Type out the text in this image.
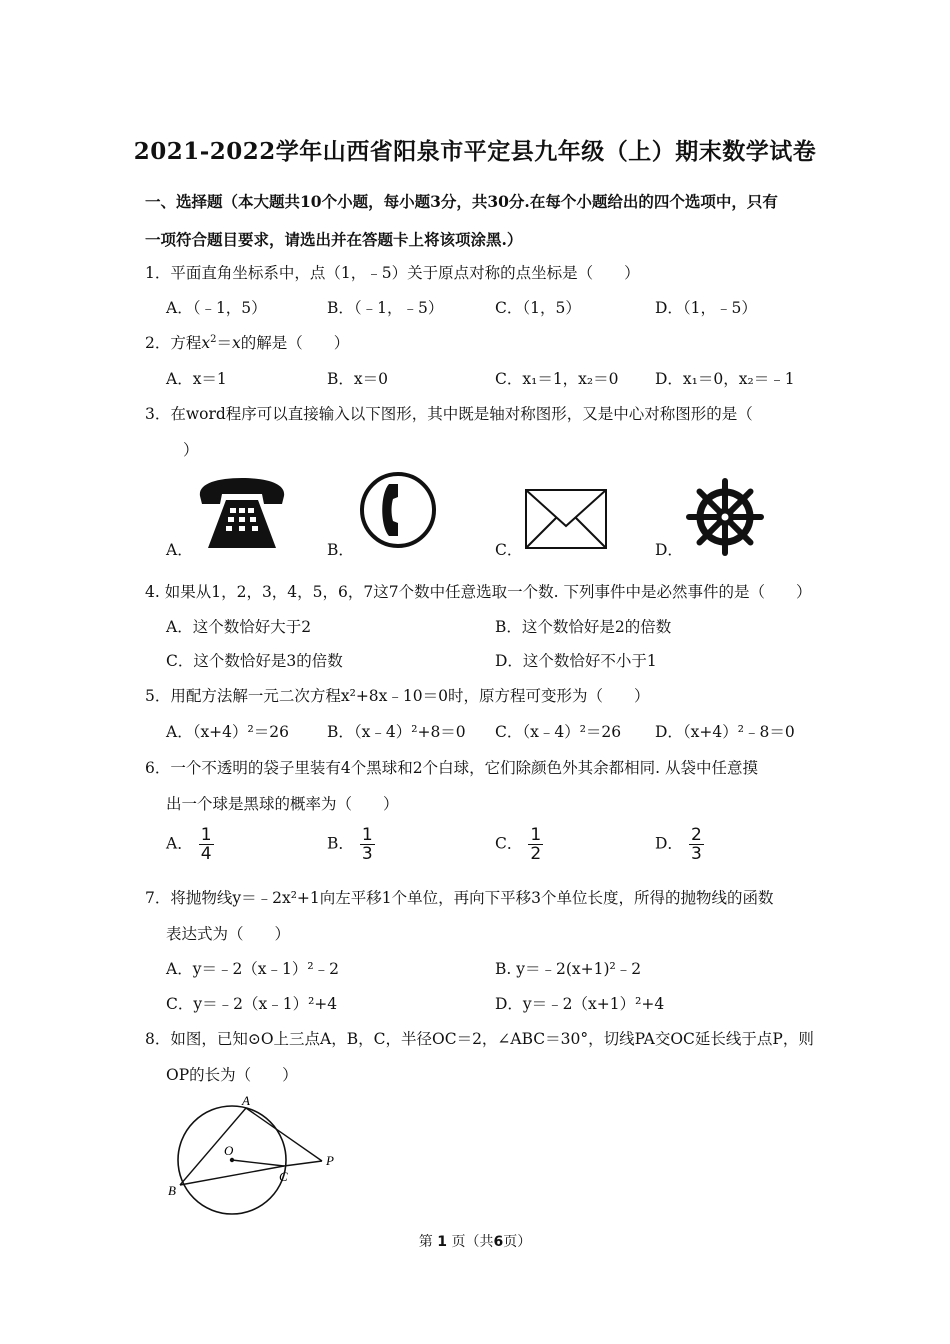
2021-2022学年山西省阳泉市平定县九年级（上）期末数学试卷
一、选择题（本大题共10个小题，每小题3分，共30分.在每个小题给出的四个选项中，只有
一项符合题目要求，请选出并在答题卡上将该项涂黑.）
1．平面直角坐标系中，点（1，﹣5）关于原点对称的点坐标是（　　）
A．（﹣1，5）	B．（﹣1，﹣5）	C．（1，5）	D．（1，﹣5）
2．方程$x^2=x$的解是（　　）
A．x＝1	B．x＝0	C．x₁＝1，x₂＝0 D．x₁＝0，x₂＝﹣1
3．在word程序可以直接输入以下图形，其中既是轴对称图形，又是中心对称图形的是（
）
A．	B．	C．	D．
4. 如果从1，2，3，4，5，6，7这7个数中任意选取一个数. 下列事件中是必然事件的是（　　）
A．这个数恰好大于2	B．这个数恰好是2的倍数
C．这个数恰好是3的倍数	D．这个数恰好不小于1
5．用配方法解一元二次方程x²+8x﹣10＝0时，原方程可变形为（　　）
A．（x+4）²＝26 B．（x﹣4）²+8＝0 C．（x﹣4）²＝26 D．（x+4）²﹣8＝0
6．一个不透明的袋子里装有4个黑球和2个白球，它们除颜色外其余都相同. 从袋中任意摸
出一个球是黑球的概率为（　　）
A． $\frac{1}{4}$	B． $\frac{1}{3}$	C． $\frac{1}{2}$	D． $\frac{2}{3}$
7．将抛物线y＝﹣2x²+1向左平移1个单位，再向下平移3个单位长度，所得的抛物线的函数
表达式为（　　）
A．y＝﹣2（x﹣1）²﹣2	B. y＝﹣2(x+1)²﹣2
C．y＝﹣2（x﹣1）²+4	D．y＝﹣2（x+1）²+4
8．如图，已知⊙O上三点A，B，C，半径OC＝2，∠ABC＝30°，切线PA交OC延长线于点P，则
OP的长为（　　）
A
O
B
C
P
第 1 页（共6页）
